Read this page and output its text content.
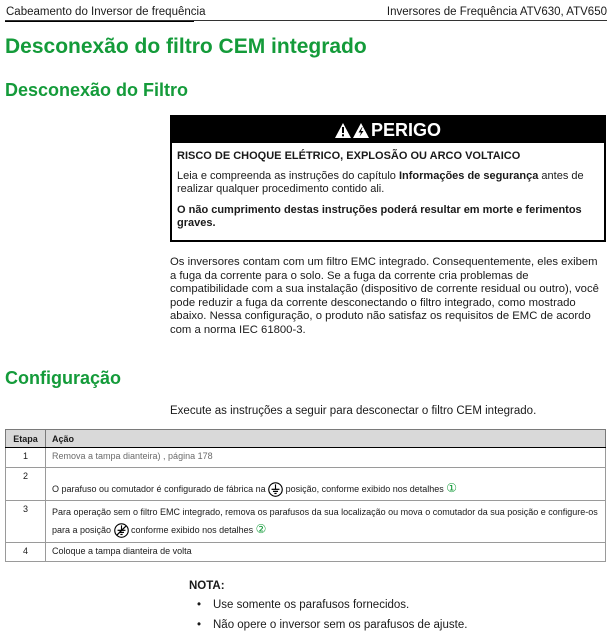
Cabeamento do Inversor de frequência	Inversores de Frequência ATV630, ATV650
Desconexão do filtro CEM integrado
Desconexão do Filtro
PERIGO
RISCO DE CHOQUE ELÉTRICO, EXPLOSÃO OU ARCO VOLTAICO
Leia e compreenda as instruções do capítulo Informações de segurança antes de realizar qualquer procedimento contido ali.
O não cumprimento destas instruções poderá resultar em morte e ferimentos graves.

Os inversores contam com um filtro EMC integrado. Consequentemente, eles exibem a fuga da corrente para o solo. Se a fuga da corrente cria problemas de compatibilidade com a sua instalação (dispositivo de corrente residual ou outro), você pode reduzir a fuga da corrente desconectando o filtro integrado, como mostrado abaixo. Nessa configuração, o produto não satisfaz os requisitos de EMC de acordo com a norma IEC 61800-3.

Configuração

Execute as instruções a seguir para desconectar o filtro CEM integrado.

Etapa	Ação
1	Remova a tampa dianteira) , página 178
2	O parafuso ou comutador é configurado de fábrica na  posição, conforme exibido nos detalhes ①
3	Para operação sem o filtro EMC integrado, remova os parafusos da sua localização ou mova o comutador da sua posição e configure-os para a posição  conforme exibido nos detalhes ②
4	Coloque a tampa dianteira de volta
NOTA:
• Use somente os parafusos fornecidos.
• Não opere o inversor sem os parafusos de ajuste.
